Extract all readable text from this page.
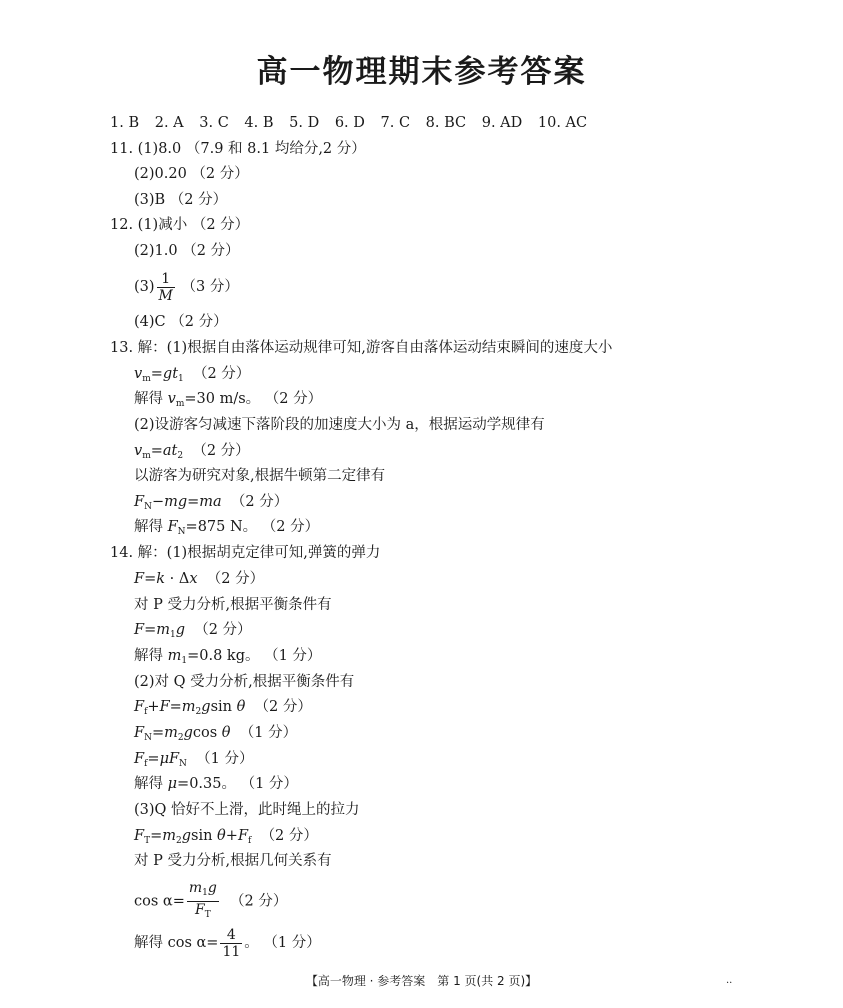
高一物理期末参考答案
1. B 2. A 3. C 4. B 5. D 6. D 7. C 8. BC 9. AD 10. AC
11. (1)8.0 （7.9 和 8.1 均给分,2 分）
(2)0.20 （2 分）
(3)B （2 分）
12. (1)减小 （2 分）
(2)1.0 （2 分）
$(3) \frac{1}{M} (3$ 分）
(4)C （2 分）
13. 解：(1)根据自由落体运动规律可知,游客自由落体运动结束瞬间的速度大小
$v_m=gt_1$ （2 分）
解得 $v_m=30$ m/s。 （2 分）
(2)设游客匀减速下落阶段的加速度大小为 a，根据运动学规律有
$v_m=at_2$ （2 分）
以游客为研究对象,根据牛顿第二定律有
$F_N-mg=ma$ （2 分）
解得 $F_N=875$ N。 （2 分）
14. 解：(1)根据胡克定律可知,弹簧的弹力
F=k · Δx （2 分）
对 P 受力分析,根据平衡条件有
$F=m_1g$ （2 分）
解得 $m_1=0.8$ kg。 （1 分）
(2)对 Q 受力分析,根据平衡条件有
$F_f+F=m_2gsin$ θ （2 分）
$F_N=m_2gcos$ θ （1 分）
$F_f=\mu F_N$ （1 分）
解得 μ=0.35。 （1 分）
(3)Q 恰好不上滑，此时绳上的拉力
$F_T=m_2gsin$ $\theta+F_f$ （2 分）
对 P 受力分析,根据几何关系有
$\cos \alpha= \frac{m_1g}{F_T} (2$ 分）
解得 $\cos \alpha= \frac{4}{11}$ 。 （1 分）
【高一物理 · 参考答案　第 1 页(共 2 页)】	..
